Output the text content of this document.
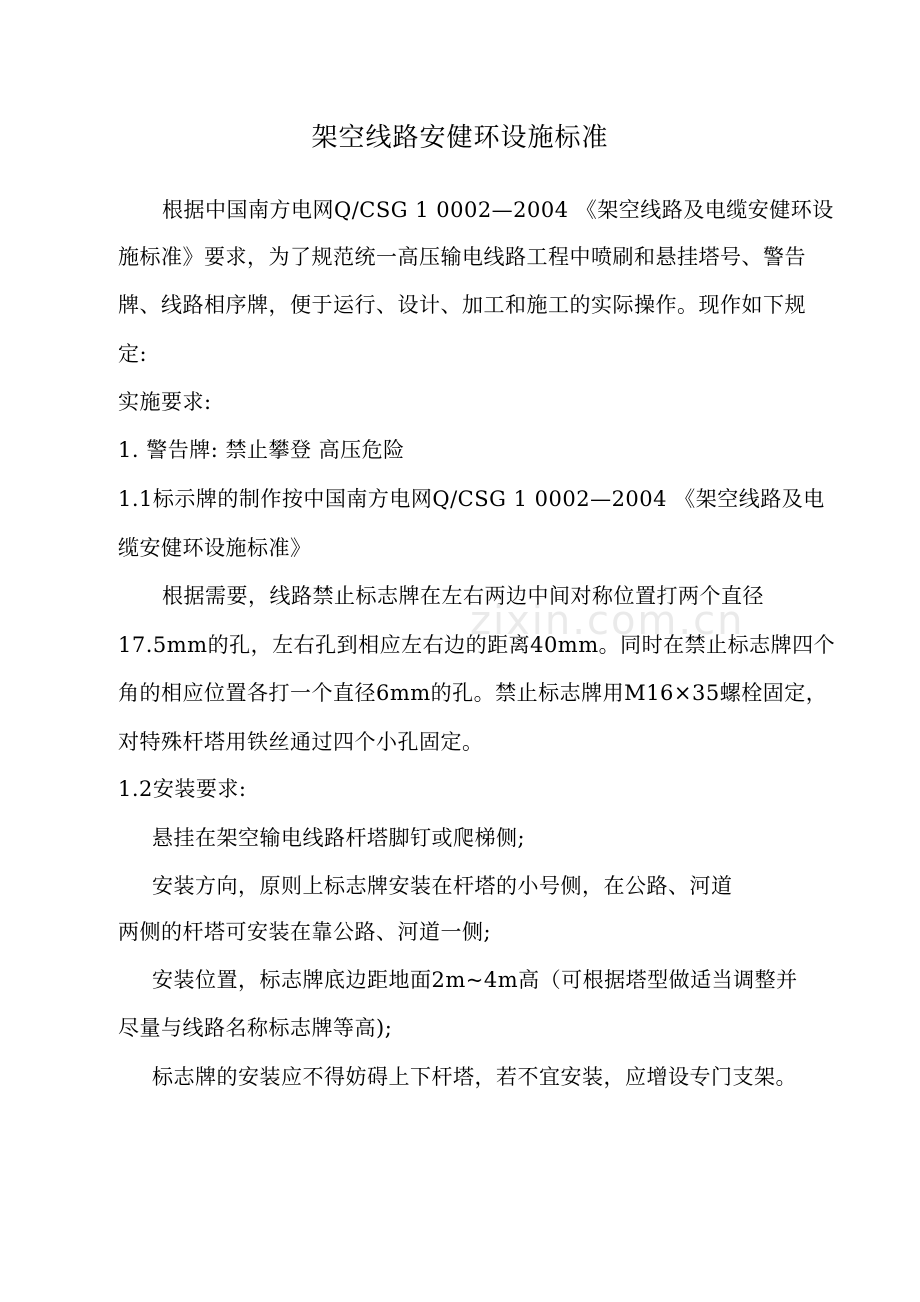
zixin.com.cn
架空线路安健环设施标准
根据中国南方电网Q/CSG 1 0002—2004 《架空线路及电缆安健环设
施标准》要求，为了规范统一高压输电线路工程中喷刷和悬挂塔号、警告
牌、线路相序牌，便于运行、设计、加工和施工的实际操作。现作如下规
定:
实施要求:
1. 警告牌: 禁止攀登 高压危险
1.1标示牌的制作按中国南方电网Q/CSG 1 0002—2004 《架空线路及电
缆安健环设施标准》
根据需要，线路禁止标志牌在左右两边中间对称位置打两个直径
17.5mm的孔，左右孔到相应左右边的距离40mm。同时在禁止标志牌四个
角的相应位置各打一个直径6mm的孔。禁止标志牌用M16×35螺栓固定，
对特殊杆塔用铁丝通过四个小孔固定。
1.2安装要求:
悬挂在架空输电线路杆塔脚钉或爬梯侧;
安装方向，原则上标志牌安装在杆塔的小号侧，在公路、河道
两侧的杆塔可安装在靠公路、河道一侧;
安装位置，标志牌底边距地面2m~4m高（可根据塔型做适当调整并
尽量与线路名称标志牌等高);
标志牌的安装应不得妨碍上下杆塔，若不宜安装，应增设专门支架。
